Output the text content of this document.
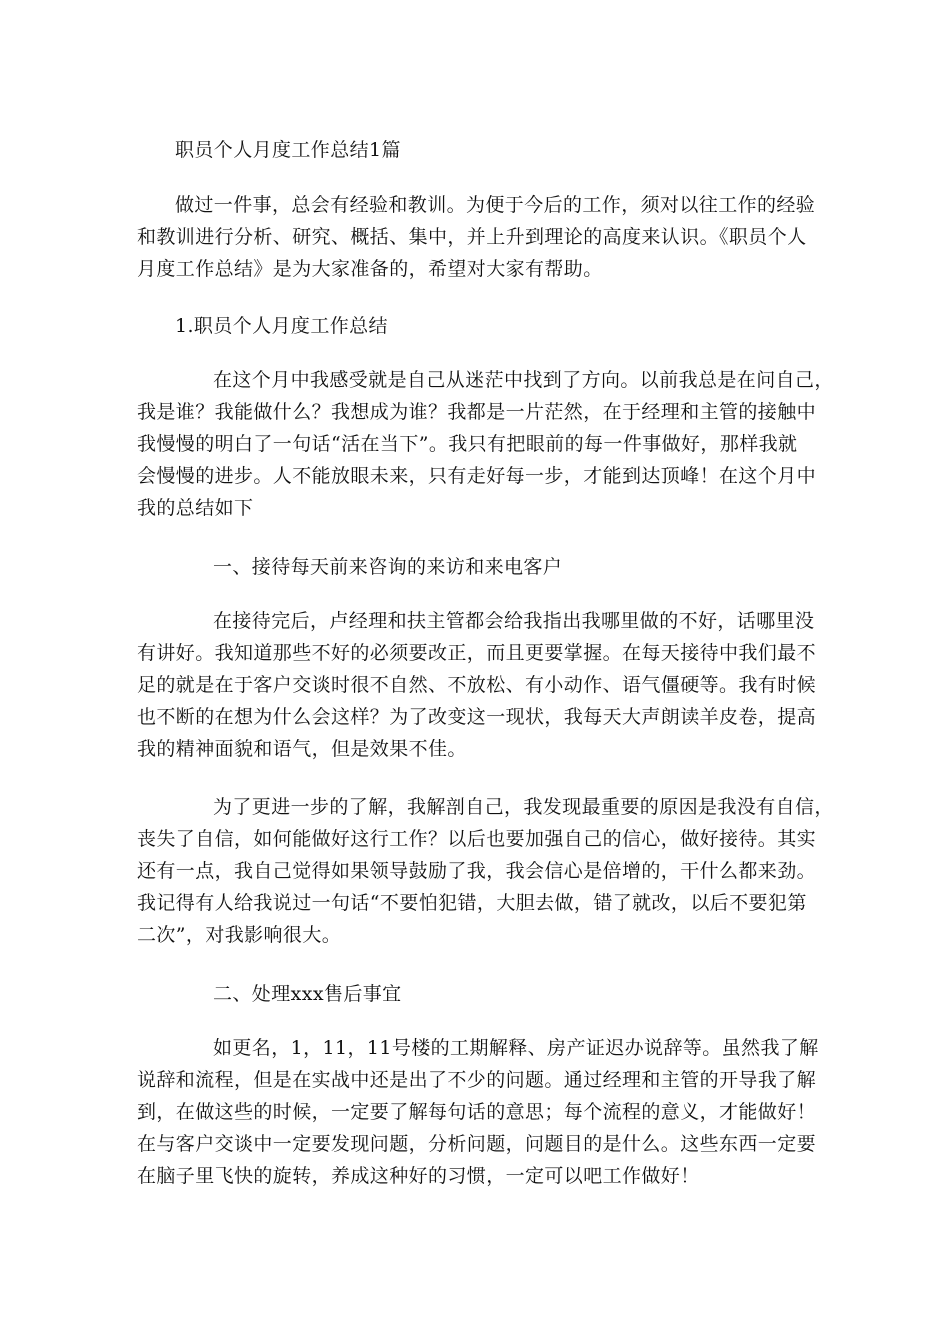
职员个人月度工作总结1篇

做过一件事，总会有经验和教训。为便于今后的工作，须对以往工作的经验

和教训进行分析、研究、概括、集中，并上升到理论的高度来认识。《职员个人

月度工作总结》是为大家准备的，希望对大家有帮助。

1.职员个人月度工作总结

在这个月中我感受就是自己从迷茫中找到了方向。以前我总是在问自己，

我是谁？我能做什么？我想成为谁？我都是一片茫然，在于经理和主管的接触中

我慢慢的明白了一句话“活在当下”。我只有把眼前的每一件事做好，那样我就

会慢慢的进步。人不能放眼未来，只有走好每一步，才能到达顶峰！在这个月中

我的总结如下

一、接待每天前来咨询的来访和来电客户

在接待完后，卢经理和扶主管都会给我指出我哪里做的不好，话哪里没

有讲好。我知道那些不好的必须要改正，而且更要掌握。在每天接待中我们最不

足的就是在于客户交谈时很不自然、不放松、有小动作、语气僵硬等。我有时候

也不断的在想为什么会这样？为了改变这一现状，我每天大声朗读羊皮卷，提高

我的精神面貌和语气，但是效果不佳。

为了更进一步的了解，我解剖自己，我发现最重要的原因是我没有自信，

丧失了自信，如何能做好这行工作？以后也要加强自己的信心，做好接待。其实

还有一点，我自己觉得如果领导鼓励了我，我会信心是倍增的，干什么都来劲。

我记得有人给我说过一句话“不要怕犯错，大胆去做，错了就改，以后不要犯第

二次”，对我影响很大。

二、处理xxx售后事宜

如更名，1，11，11号楼的工期解释、房产证迟办说辞等。虽然我了解

说辞和流程，但是在实战中还是出了不少的问题。通过经理和主管的开导我了解

到，在做这些的时候，一定要了解每句话的意思；每个流程的意义，才能做好！

在与客户交谈中一定要发现问题，分析问题，问题目的是什么。这些东西一定要

在脑子里飞快的旋转，养成这种好的习惯，一定可以吧工作做好！
